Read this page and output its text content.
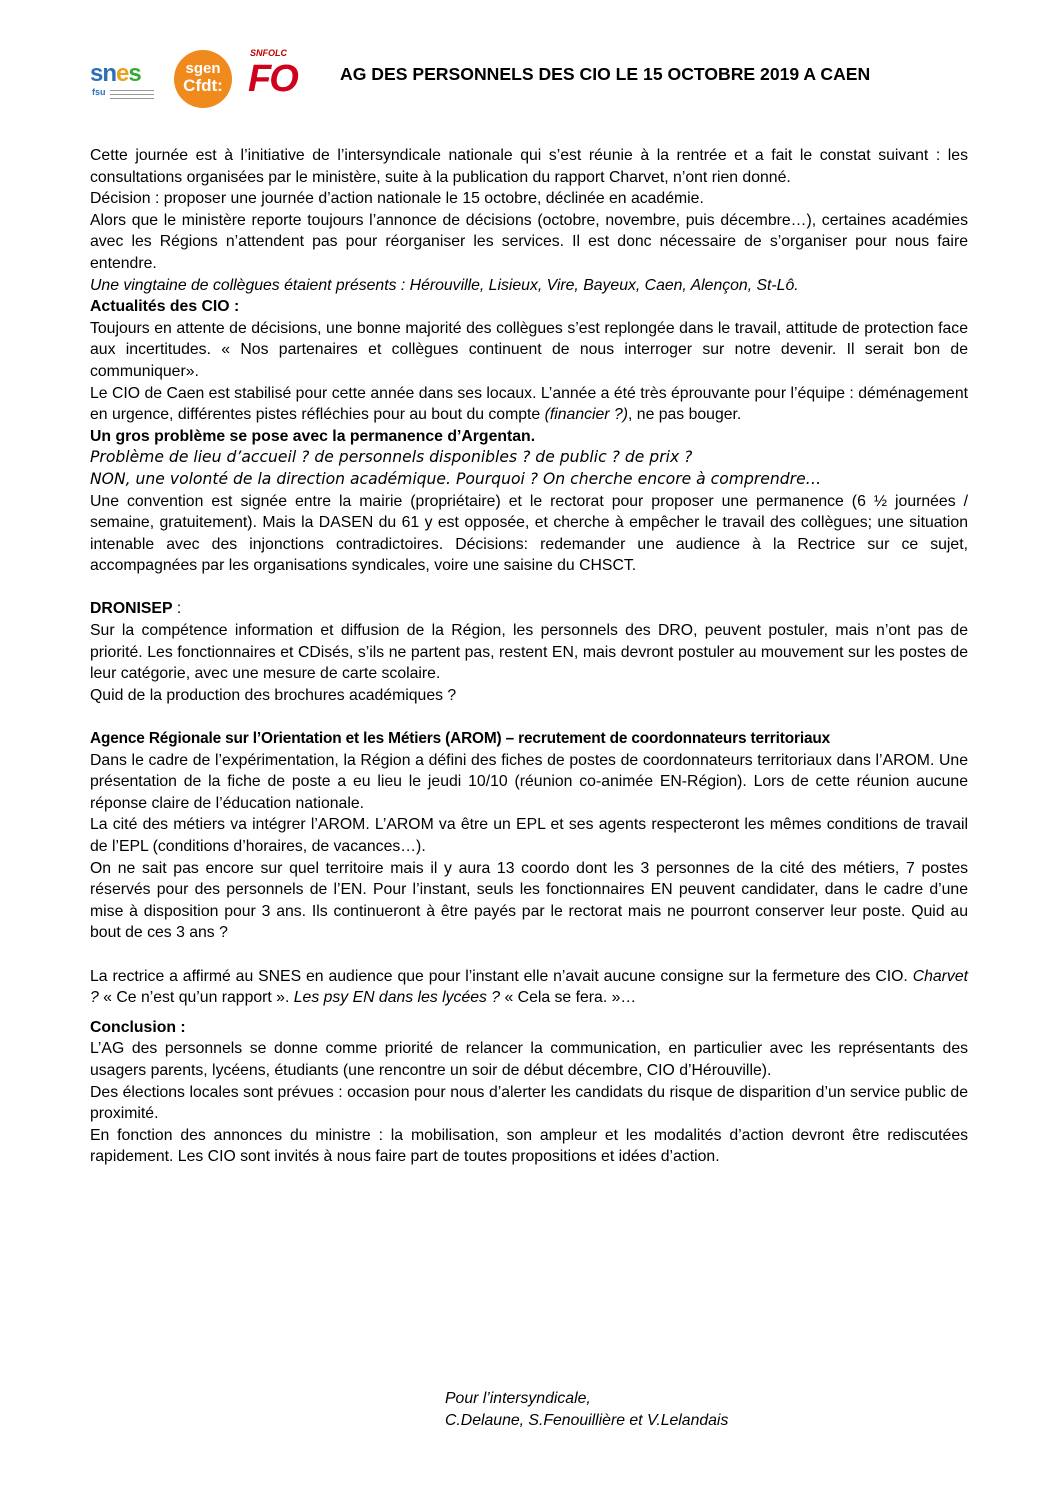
snes
fsu
sgen
Cfdt:
SNFOLC
FO AG DES PERSONNELS DES CIO LE 15 OCTOBRE 2019 A CAEN

Cette journée est à l’initiative de l’intersyndicale nationale qui s’est réunie à la rentrée et a fait le constat suivant : les consultations organisées par le ministère, suite à la publication du rapport Charvet, n’ont rien donné.

Décision : proposer une journée d’action nationale le 15 octobre, déclinée en académie.

Alors que le ministère reporte toujours l’annonce de décisions (octobre, novembre, puis décembre…), certaines académies avec les Régions n’attendent pas pour réorganiser les services. Il est donc nécessaire de s’organiser pour nous faire entendre.

Une vingtaine de collègues étaient présents : Hérouville, Lisieux, Vire, Bayeux, Caen, Alençon, St-Lô.

Actualités des CIO :

Toujours en attente de décisions, une bonne majorité des collègues s’est replongée dans le travail, attitude de protection face aux incertitudes. « Nos partenaires et collègues continuent de nous interroger sur notre devenir. Il serait bon de communiquer».

Le CIO de Caen est stabilisé pour cette année dans ses locaux. L’année a été très éprouvante pour l’équipe : déménagement en urgence, différentes pistes réfléchies pour au bout du compte (financier ?), ne pas bouger.

Un gros problème se pose avec la permanence d’Argentan.

Problème de lieu d’accueil ? de personnels disponibles ? de public ? de prix ?

NON, une volonté de la direction académique. Pourquoi ? On cherche encore à comprendre…

Une convention est signée entre la mairie (propriétaire) et le rectorat pour proposer une permanence (6 ½ journées / semaine, gratuitement). Mais la DASEN du 61 y est opposée, et cherche à empêcher le travail des collègues; une situation intenable avec des injonctions contradictoires. Décisions: redemander une audience à la Rectrice sur ce sujet, accompagnées par les organisations syndicales, voire une saisine du CHSCT.

DRONISEP :

Sur la compétence information et diffusion de la Région, les personnels des DRO, peuvent postuler, mais n’ont pas de priorité. Les fonctionnaires et CDisés, s’ils ne partent pas, restent EN, mais devront postuler au mouvement sur les postes de leur catégorie, avec une mesure de carte scolaire.

Quid de la production des brochures académiques ?

Agence Régionale sur l’Orientation et les Métiers (AROM) – recrutement de coordonnateurs territoriaux

Dans le cadre de l’expérimentation, la Région a défini des fiches de postes de coordonnateurs territoriaux dans l’AROM. Une présentation de la fiche de poste a eu lieu le jeudi 10/10 (réunion co-animée EN-Région). Lors de cette réunion aucune réponse claire de l’éducation nationale.

La cité des métiers va intégrer l’AROM. L’AROM va être un EPL et ses agents respecteront les mêmes conditions de travail de l’EPL (conditions d’horaires, de vacances…).

On ne sait pas encore sur quel territoire mais il y aura 13 coordo dont les 3 personnes de la cité des métiers, 7 postes réservés pour des personnels de l’EN. Pour l’instant, seuls les fonctionnaires EN peuvent candidater, dans le cadre d’une mise à disposition pour 3 ans. Ils continueront à être payés par le rectorat mais ne pourront conserver leur poste. Quid au bout de ces 3 ans ?

La rectrice a affirmé au SNES en audience que pour l’instant elle n’avait aucune consigne sur la fermeture des CIO. Charvet ? « Ce n’est qu’un rapport ». Les psy EN dans les lycées ? « Cela se fera. »…

Conclusion :

L’AG des personnels se donne comme priorité de relancer la communication, en particulier avec les représentants des usagers parents, lycéens, étudiants (une rencontre un soir de début décembre, CIO d’Hérouville).

Des élections locales sont prévues : occasion pour nous d’alerter les candidats du risque de disparition d’un service public de proximité.

En fonction des annonces du ministre : la mobilisation, son ampleur et les modalités d’action devront être rediscutées rapidement. Les CIO sont invités à nous faire part de toutes propositions et idées d’action.

Pour l’intersyndicale,
C.Delaune, S.Fenouillière et V.Lelandais
